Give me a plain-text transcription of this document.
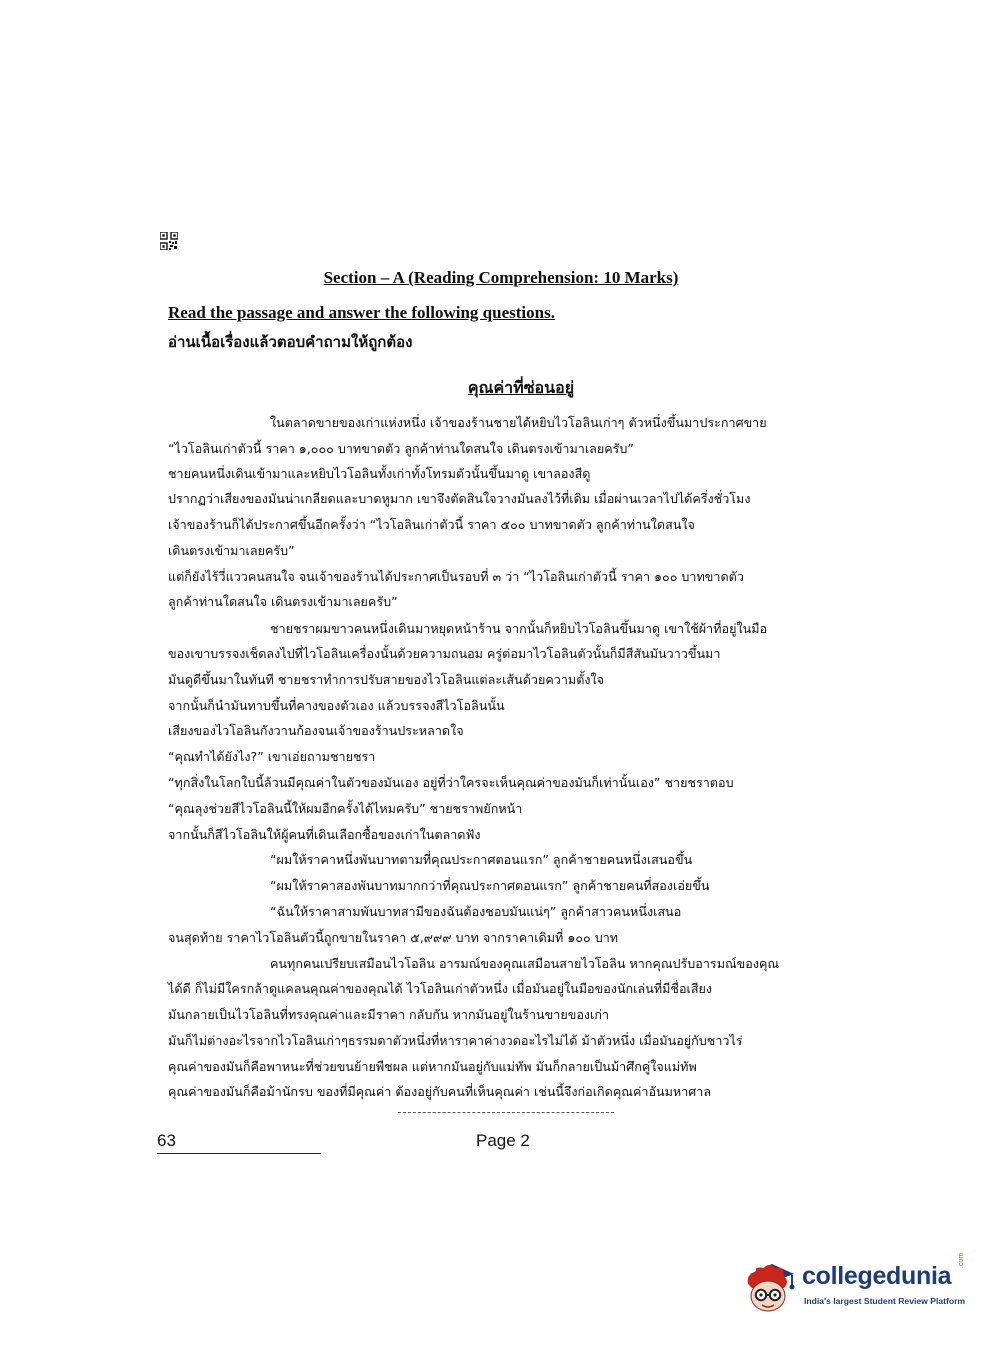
Section – A (Reading Comprehension: 10 Marks)
Read the passage and answer the following questions.
อ่านเนื้อเรื่องแล้วตอบคำถามให้ถูกต้อง
คุณค่าที่ซ่อนอยู่
ในตลาดขายของเก่าแห่งหนึ่ง เจ้าของร้านชายได้หยิบไวโอลินเก่าๆ ตัวหนึ่งขึ้นมาประกาศขาย
“ไวโอลินเก่าตัวนี้ ราคา ๑,๐๐๐ บาทขาดตัว ลูกค้าท่านใดสนใจ เดินตรงเข้ามาเลยครับ”
ชายคนหนึ่งเดินเข้ามาและหยิบไวโอลินทั้งเก่าทั้งโทรมตัวนั้นขึ้นมาดู เขาลองสีดู
ปรากฏว่าเสียงของมันน่าเกลียดและบาดหูมาก เขาจึงตัดสินใจวางมันลงไว้ที่เดิม เมื่อผ่านเวลาไปได้ครึ่งชั่วโมง
เจ้าของร้านก็ได้ประกาศขึ้นอีกครั้งว่า “ไวโอลินเก่าตัวนี้ ราคา ๕๐๐ บาทขาดตัว ลูกค้าท่านใดสนใจ
เดินตรงเข้ามาเลยครับ”
แต่ก็ยังไร้วี่แววคนสนใจ จนเจ้าของร้านได้ประกาศเป็นรอบที่ ๓ ว่า “ไวโอลินเก่าตัวนี้ ราคา ๑๐๐ บาทขาดตัว
ลูกค้าท่านใดสนใจ เดินตรงเข้ามาเลยครับ”
ชายชราผมขาวคนหนึ่งเดินมาหยุดหน้าร้าน จากนั้นก็หยิบไวโอลินขึ้นมาดู เขาใช้ผ้าที่อยู่ในมือ
ของเขาบรรจงเช็ดลงไปที่ไวโอลินเครื่องนั้นด้วยความถนอม ครู่ต่อมาไวโอลินตัวนั้นก็มีสีสันมันวาวขึ้นมา
มันดูดีขึ้นมาในทันที ชายชราทำการปรับสายของไวโอลินแต่ละเส้นด้วยความตั้งใจ
จากนั้นก็นำมันทาบขึ้นที่คางของตัวเอง แล้วบรรจงสีไวโอลินนั้น
เสียงของไวโอลินกังวานก้องจนเจ้าของร้านประหลาดใจ
“คุณทำได้ยังไง?” เขาเอ่ยถามชายชรา
“ทุกสิ่งในโลกใบนี้ล้วนมีคุณค่าในตัวของมันเอง อยู่ที่ว่าใครจะเห็นคุณค่าของมันก็เท่านั้นเอง” ชายชราตอบ
“คุณลุงช่วยสีไวโอลินนี้ให้ผมอีกครั้งได้ไหมครับ” ชายชราพยักหน้า
จากนั้นก็สีไวโอลินให้ผู้คนที่เดินเลือกซื้อของเก่าในตลาดฟัง
“ผมให้ราคาหนึ่งพันบาทตามที่คุณประกาศตอนแรก” ลูกค้าชายคนหนึ่งเสนอขึ้น
“ผมให้ราคาสองพันบาทมากกว่าที่คุณประกาศตอนแรก” ลูกค้าชายคนที่สองเอ่ยขึ้น
“ฉันให้ราคาสามพันบาทสามีของฉันต้องชอบมันแน่ๆ” ลูกค้าสาวคนหนึ่งเสนอ
จนสุดท้าย ราคาไวโอลินตัวนี้ถูกขายในราคา ๕,๙๙๙ บาท จากราคาเดิมที่ ๑๐๐ บาท
คนทุกคนเปรียบเสมือนไวโอลิน อารมณ์ของคุณเสมือนสายไวโอลิน หากคุณปรับอารมณ์ของคุณ
ได้ดี ก็ไม่มีใครกล้าดูแคลนคุณค่าของคุณได้ ไวโอลินเก่าตัวหนึ่ง เมื่อมันอยู่ในมือของนักเล่นที่มีชื่อเสียง
มันกลายเป็นไวโอลินที่ทรงคุณค่าและมีราคา กลับกัน หากมันอยู่ในร้านขายของเก่า
มันก็ไม่ต่างอะไรจากไวโอลินเก่าๆธรรมดาตัวหนึ่งที่หาราคาค่างวดอะไรไม่ได้ ม้าตัวหนึ่ง เมื่อมันอยู่กับชาวไร่
คุณค่าของมันก็คือพาหนะที่ช่วยขนย้ายพืชผล แต่หากมันอยู่กับแม่ทัพ มันก็กลายเป็นม้าศึกคู่ใจแม่ทัพ
คุณค่าของมันก็คือม้านักรบ ของที่มีคุณค่า ต้องอยู่กับคนที่เห็นคุณค่า เช่นนี้จึงก่อเกิดคุณค่าอันมหาศาล
63	Page 2
collegedunia
.com
India's largest Student Review Platform
